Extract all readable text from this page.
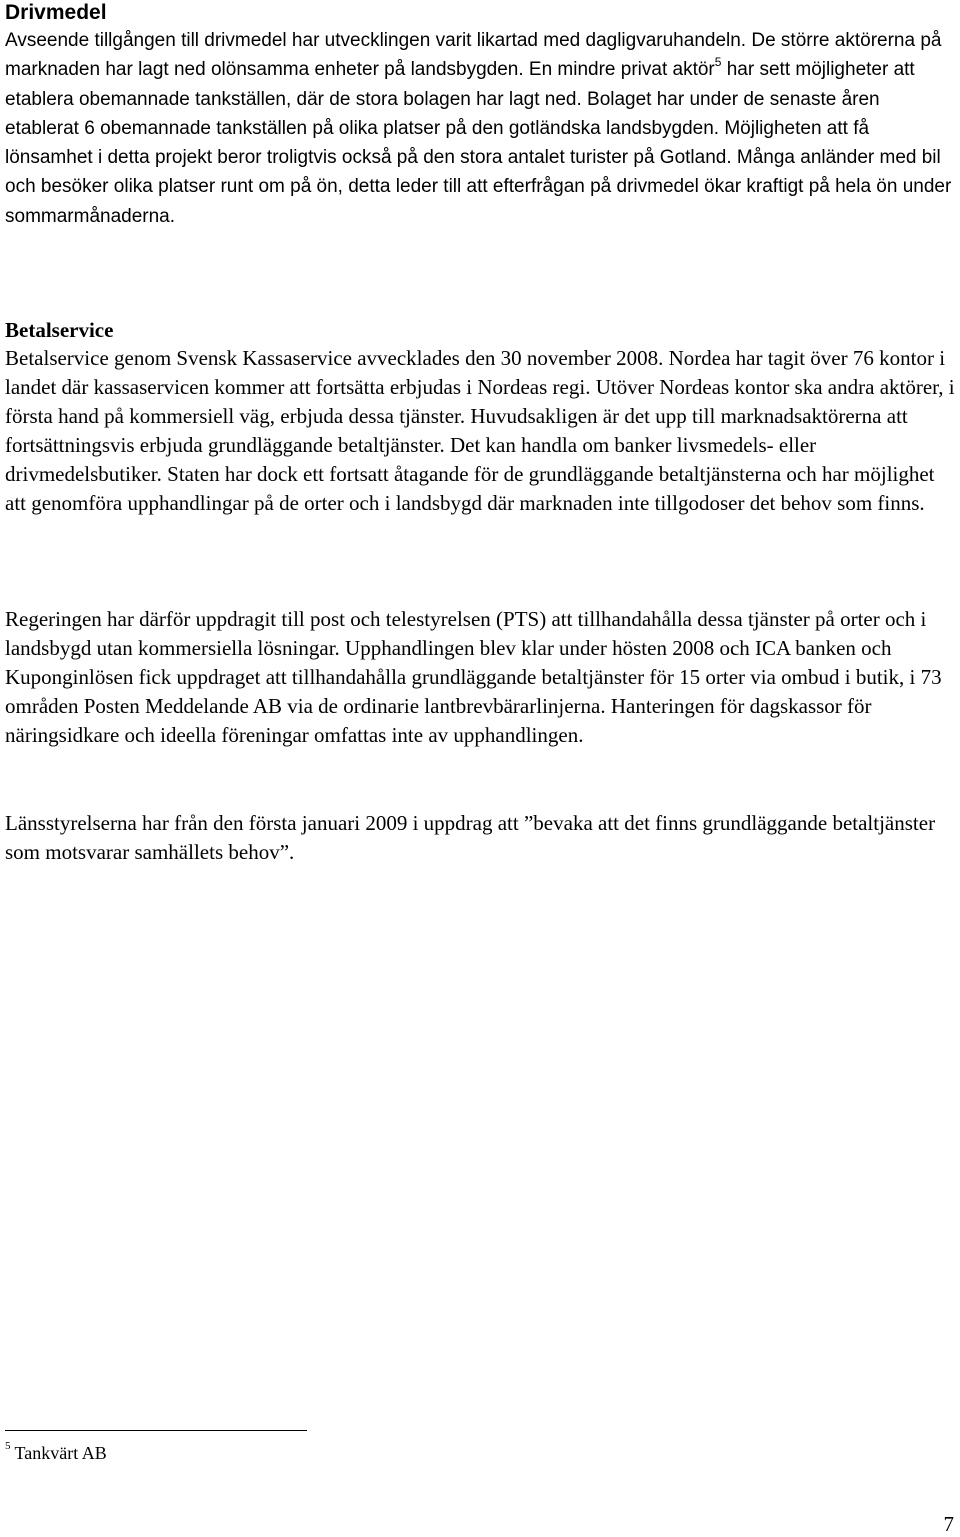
Drivmedel

Avseende tillgången till drivmedel har utvecklingen varit likartad med dagligvaruhandeln. De större aktörerna på marknaden har lagt ned olönsamma enheter på landsbygden. En mindre privat aktör$^5$ har sett möjligheter att etablera obemannade tankställen, där de stora bolagen har lagt ned. Bolaget har under de senaste åren etablerat 6 obemannade tankställen på olika platser på den gotländska landsbygden. Möjligheten att få lönsamhet i detta projekt beror troligtvis också på den stora antalet turister på Gotland. Många anländer med bil och besöker olika platser runt om på ön, detta leder till att efterfrågan på drivmedel ökar kraftigt på hela ön under sommarmånaderna.

Betalservice

Betalservice genom Svensk Kassaservice avvecklades den 30 november 2008. Nordea har tagit över 76 kontor i landet där kassaservicen kommer att fortsätta erbjudas i Nordeas regi. Utöver Nordeas kontor ska andra aktörer, i första hand på kommersiell väg, erbjuda dessa tjänster. Huvudsakligen är det upp till marknadsaktörerna att fortsättningsvis erbjuda grundläggande betaltjänster. Det kan handla om banker livsmedels- eller drivmedelsbutiker. Staten har dock ett fortsatt åtagande för de grundläggande betaltjänsterna och har möjlighet att genomföra upphandlingar på de orter och i landsbygd där marknaden inte tillgodoser det behov som finns.

Regeringen har därför uppdragit till post och telestyrelsen (PTS) att tillhandahålla dessa tjänster på orter och i landsbygd utan kommersiella lösningar. Upphandlingen blev klar under hösten 2008 och ICA banken och Kuponginlösen fick uppdraget att tillhandahålla grundläggande betaltjänster för 15 orter via ombud i butik, i 73 områden Posten Meddelande AB via de ordinarie lantbrevbärarlinjerna. Hanteringen för dagskassor för näringsidkare och ideella föreningar omfattas inte av upphandlingen.

Länsstyrelserna har från den första januari 2009 i uppdrag att ”bevaka att det finns grundläggande betaltjänster som motsvarar samhällets behov”.

$^5$ Tankvärt AB
7
